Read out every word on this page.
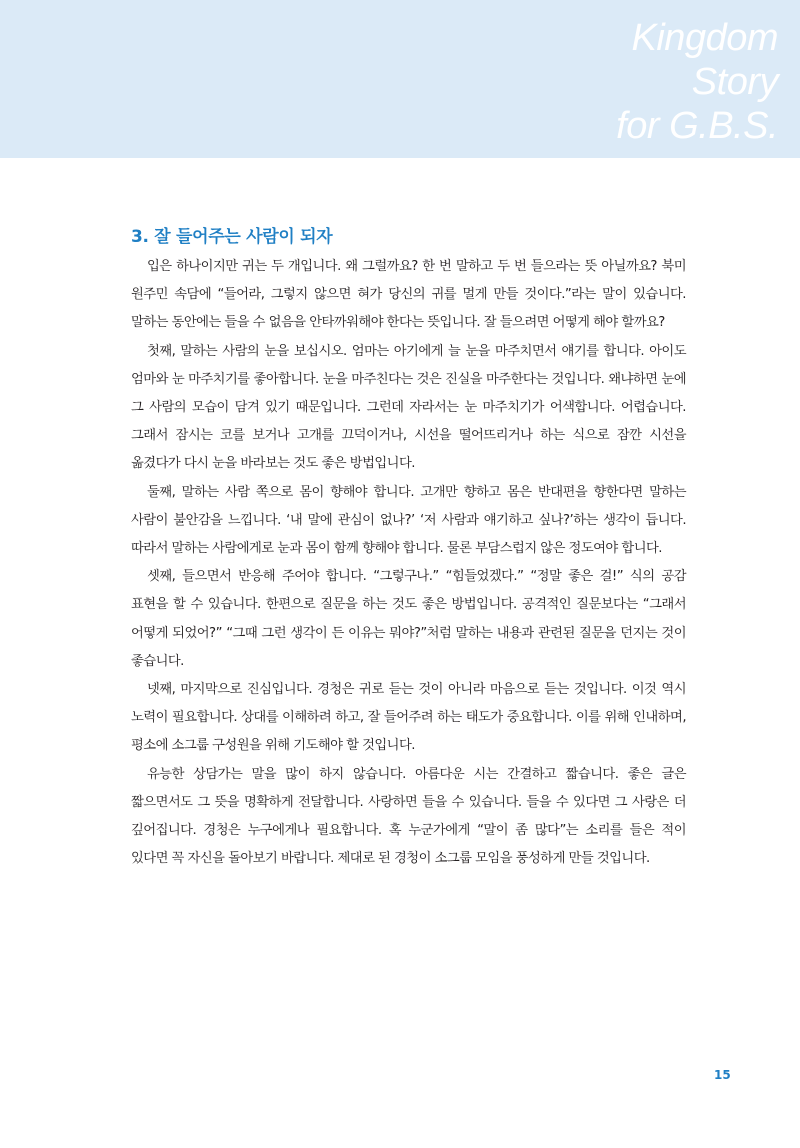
Kingdom
Story
for G.B.S.
3. 잘 들어주는 사람이 되자

입은 하나이지만 귀는 두 개입니다. 왜 그럴까요? 한 번 말하고 두 번 들으라는 뜻 아닐까요? 북미 원주민 속담에 “들어라, 그렇지 않으면 혀가 당신의 귀를 멀게 만들 것이다.”라는 말이 있습니다. 말하는 동안에는 들을 수 없음을 안타까워해야 한다는 뜻입니다. 잘 들으려면 어떻게 해야 할까요?

첫째, 말하는 사람의 눈을 보십시오. 엄마는 아기에게 늘 눈을 마주치면서 얘기를 합니다. 아이도 엄마와 눈 마주치기를 좋아합니다. 눈을 마주친다는 것은 진실을 마주한다는 것입니다. 왜냐하면 눈에 그 사람의 모습이 담겨 있기 때문입니다. 그런데 자라서는 눈 마주치기가 어색합니다. 어렵습니다. 그래서 잠시는 코를 보거나 고개를 끄덕이거나, 시선을 떨어뜨리거나 하는 식으로 잠깐 시선을 옮겼다가 다시 눈을 바라보는 것도 좋은 방법입니다.

둘째, 말하는 사람 쪽으로 몸이 향해야 합니다. 고개만 향하고 몸은 반대편을 향한다면 말하는 사람이 불안감을 느낍니다. ‘내 말에 관심이 없나?’ ‘저 사람과 얘기하고 싶나?’하는 생각이 듭니다. 따라서 말하는 사람에게로 눈과 몸이 함께 향해야 합니다. 물론 부담스럽지 않은 정도여야 합니다.

셋째, 들으면서 반응해 주어야 합니다. “그렇구나.” “힘들었겠다.” “정말 좋은 걸!” 식의 공감 표현을 할 수 있습니다. 한편으로 질문을 하는 것도 좋은 방법입니다. 공격적인 질문보다는 “그래서 어떻게 되었어?” “그때 그런 생각이 든 이유는 뭐야?”처럼 말하는 내용과 관련된 질문을 던지는 것이 좋습니다.

넷째, 마지막으로 진심입니다. 경청은 귀로 듣는 것이 아니라 마음으로 듣는 것입니다. 이것 역시 노력이 필요합니다. 상대를 이해하려 하고, 잘 들어주려 하는 태도가 중요합니다. 이를 위해 인내하며, 평소에 소그룹 구성원을 위해 기도해야 할 것입니다.

유능한 상담가는 말을 많이 하지 않습니다. 아름다운 시는 간결하고 짧습니다. 좋은 글은 짧으면서도 그 뜻을 명확하게 전달합니다. 사랑하면 들을 수 있습니다. 들을 수 있다면 그 사랑은 더 깊어집니다. 경청은 누구에게나 필요합니다. 혹 누군가에게 “말이 좀 많다”는 소리를 들은 적이 있다면 꼭 자신을 돌아보기 바랍니다. 제대로 된 경청이 소그룹 모임을 풍성하게 만들 것입니다.

15
